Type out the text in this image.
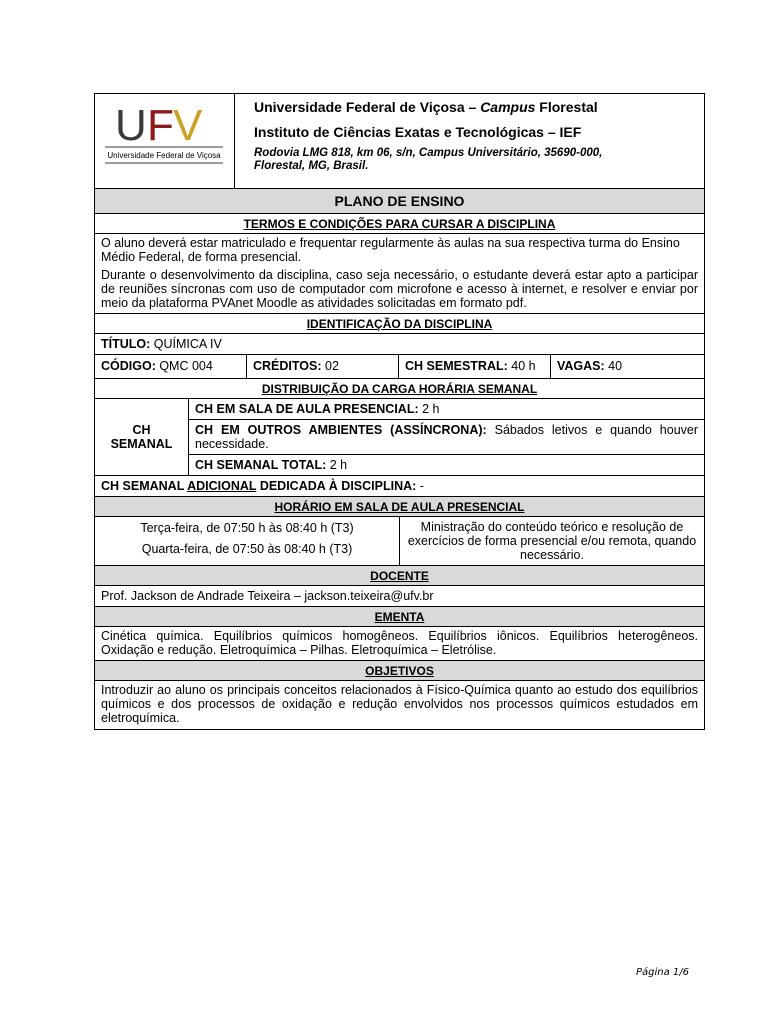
U F V
Universidade Federal de Viçosa
Universidade Federal de Viçosa – Campus Florestal
Instituto de Ciências Exatas e Tecnológicas – IEF
Rodovia LMG 818, km 06, s/n, Campus Universitário, 35690-000,
Florestal, MG, Brasil.
PLANO DE ENSINO
TERMOS E CONDIÇÕES PARA CURSAR A DISCIPLINA
O aluno deverá estar matriculado e frequentar regularmente às aulas na sua respectiva turma do Ensino Médio Federal, de forma presencial.
Durante o desenvolvimento da disciplina, caso seja necessário, o estudante deverá estar apto a participar de reuniões síncronas com uso de computador com microfone e acesso à internet, e resolver e enviar por meio da plataforma PVAnet Moodle as atividades solicitadas em formato pdf.
IDENTIFICAÇÃO DA DISCIPLINA
TÍTULO: QUÍMICA IV
CÓDIGO: QMC 004	CRÉDITOS: 02	CH SEMESTRAL: 40 h	VAGAS: 40
DISTRIBUIÇÃO DA CARGA HORÁRIA SEMANAL
CH
SEMANAL
CH EM SALA DE AULA PRESENCIAL: 2 h
CH EM OUTROS AMBIENTES (ASSÍNCRONA): Sábados letivos e quando houver necessidade.
CH SEMANAL TOTAL: 2 h
CH SEMANAL ADICIONAL DEDICADA À DISCIPLINA: -
HORÁRIO EM SALA DE AULA PRESENCIAL
Terça-feira, de 07:50 h às 08:40 h (T3)
Quarta-feira, de 07:50 às 08:40 h (T3)
Ministração do conteúdo teórico e resolução de exercícios de forma presencial e/ou remota, quando necessário.
DOCENTE
Prof. Jackson de Andrade Teixeira – jackson.teixeira@ufv.br
EMENTA
Cinética química. Equilíbrios químicos homogêneos. Equilíbrios iônicos. Equilíbrios heterogêneos. Oxidação e redução. Eletroquímica – Pilhas. Eletroquímica – Eletrólise.
OBJETIVOS
Introduzir ao aluno os principais conceitos relacionados à Físico-Química quanto ao estudo dos equilíbrios químicos e dos processos de oxidação e redução envolvidos nos processos químicos estudados em eletroquímica.
Página 1/6
